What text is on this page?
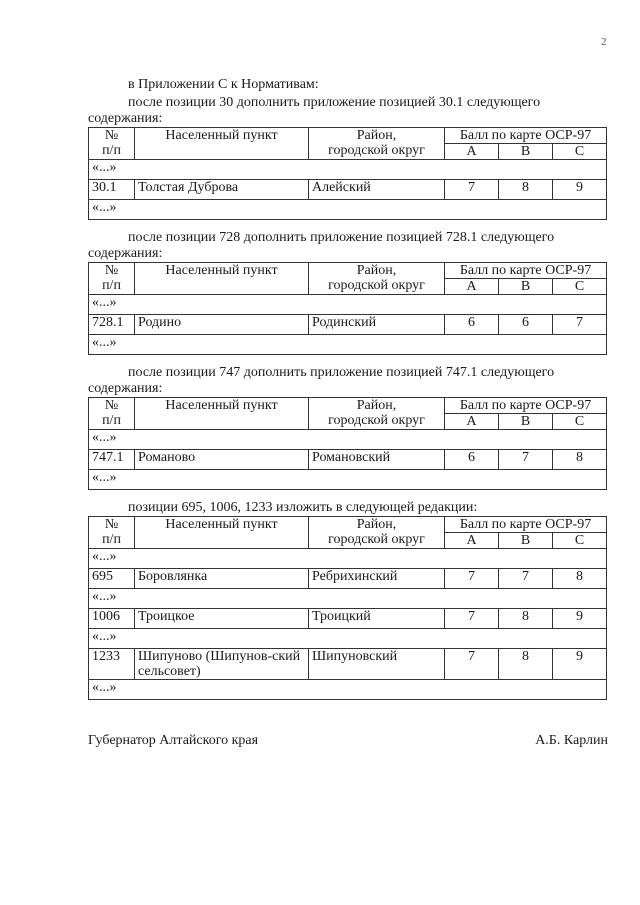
2

в Приложении С к Нормативам:

после позиции 30 дополнить приложение позицией 30.1 следующего содержания:

№
п/п	Населенный пункт	Район,
городской округ	Балл по карте ОСР-97		
			А	В	С
«...»					
30.1	Толстая Дуброва	Алейский	7	8	9
«...»					

после позиции 728 дополнить приложение позицией 728.1 следующего содержания:

№
п/п	Населенный пункт	Район,
городской округ	Балл по карте ОСР-97		
			А	В	С
«...»					
728.1	Родино	Родинский	6	6	7
«...»					

после позиции 747 дополнить приложение позицией 747.1 следующего содержания:

№
п/п	Населенный пункт	Район,
городской округ	Балл по карте ОСР-97		
			А	В	С
«...»					
747.1	Романово	Романовский	6	7	8
«...»					

позиции 695, 1006, 1233 изложить в следующей редакции:

№
п/п	Населенный пункт	Район,
городской округ	Балл по карте ОСР-97		
			А	В	С
«...»					
695	Боровлянка	Ребрихинский	7	7	8
«...»					
1006	Троицкое	Троицкий	7	8	9
«...»					
1233	Шипуново (Шипунов-ский сельсовет)	Шипуновский	7	8	9
«...»					
Губернатор Алтайского края	А.Б. Карлин
